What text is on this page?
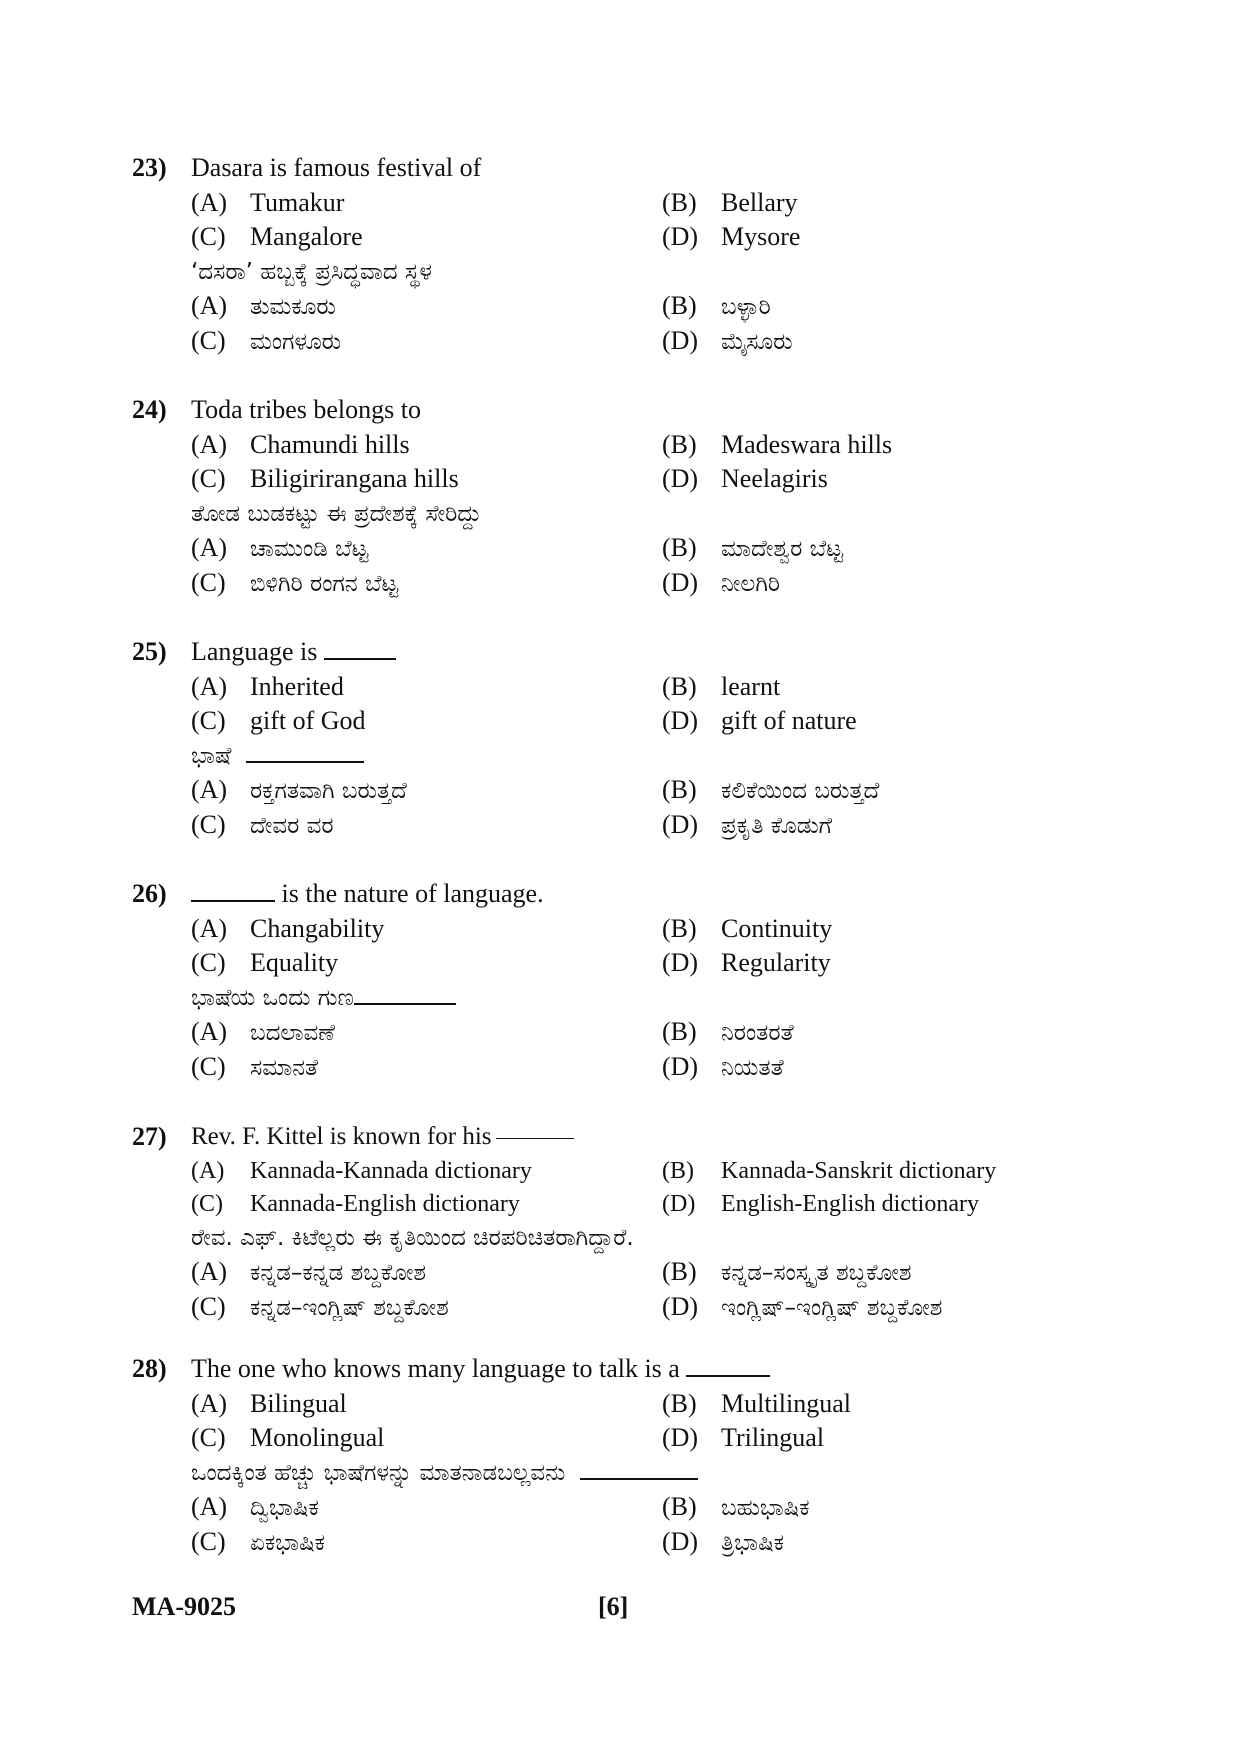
23) Dasara is famous festival of
(A) Tumakur	(B) Bellary
(C) Mangalore	(D) Mysore
‘ದಸರಾ’ ಹಬ್ಬಕ್ಕೆ ಪ್ರಸಿದ್ಧವಾದ ಸ್ಥಳ
(A) ತುಮಕೂರು	(B) ಬಳ್ಳಾರಿ
(C) ಮಂಗಳೂರು	(D) ಮೈಸೂರು
24) Toda tribes belongs to
(A) Chamundi hills	(B) Madeswara hills
(C) Biligirirangana hills	(D) Neelagiris
ತೋಡ ಬುಡಕಟ್ಟು ಈ ಪ್ರದೇಶಕ್ಕೆ ಸೇರಿದ್ದು
(A) ಚಾಮುಂಡಿ ಬೆಟ್ಟ	(B) ಮಾದೇಶ್ವರ ಬೆಟ್ಟ
(C) ಬಿಳಿಗಿರಿ ರಂಗನ ಬೆಟ್ಟ	(D) ನೀಲಗಿರಿ
25) Language is
(A) Inherited	(B) learnt
(C) gift of God	(D) gift of nature
ಭಾಷೆ
(A) ರಕ್ತಗತವಾಗಿ ಬರುತ್ತದೆ	(B) ಕಲಿಕೆಯಿಂದ ಬರುತ್ತದೆ
(C) ದೇವರ ವರ	(D) ಪ್ರಕೃತಿ ಕೊಡುಗೆ
26)	is the nature of language.
(A) Changability	(B) Continuity
(C) Equality	(D) Regularity
ಭಾಷೆಯ ಒಂದು ಗುಣ
(A) ಬದಲಾವಣೆ	(B) ನಿರಂತರತೆ
(C) ಸಮಾನತೆ	(D) ನಿಯತತೆ
27) Rev. F. Kittel is known for his
(A) Kannada-Kannada dictionary	(B) Kannada-Sanskrit dictionary
(C) Kannada-English dictionary	(D) English-English dictionary
ರೇವ. ಎಫ್. ಕಿಟೆಲ್ಲರು ಈ ಕೃತಿಯಿಂದ ಚಿರಪರಿಚಿತರಾಗಿದ್ದಾರೆ.
(A) ಕನ್ನಡ–ಕನ್ನಡ ಶಬ್ದಕೋಶ	(B) ಕನ್ನಡ–ಸಂಸ್ಕೃತ ಶಬ್ದಕೋಶ
(C) ಕನ್ನಡ–ಇಂಗ್ಲಿಷ್ ಶಬ್ದಕೋಶ	(D) ಇಂಗ್ಲಿಷ್–ಇಂಗ್ಲಿಷ್ ಶಬ್ದಕೋಶ
28) The one who knows many language to talk is a
(A) Bilingual	(B) Multilingual
(C) Monolingual	(D) Trilingual
ಒಂದಕ್ಕಿಂತ ಹೆಚ್ಚು ಭಾಷೆಗಳನ್ನು ಮಾತನಾಡಬಲ್ಲವನು
(A) ದ್ವಿಭಾಷಿಕ	(B) ಬಹುಭಾಷಿಕ
(C) ಏಕಭಾಷಿಕ	(D) ತ್ರಿಭಾಷಿಕ
MA-9025	[6]
